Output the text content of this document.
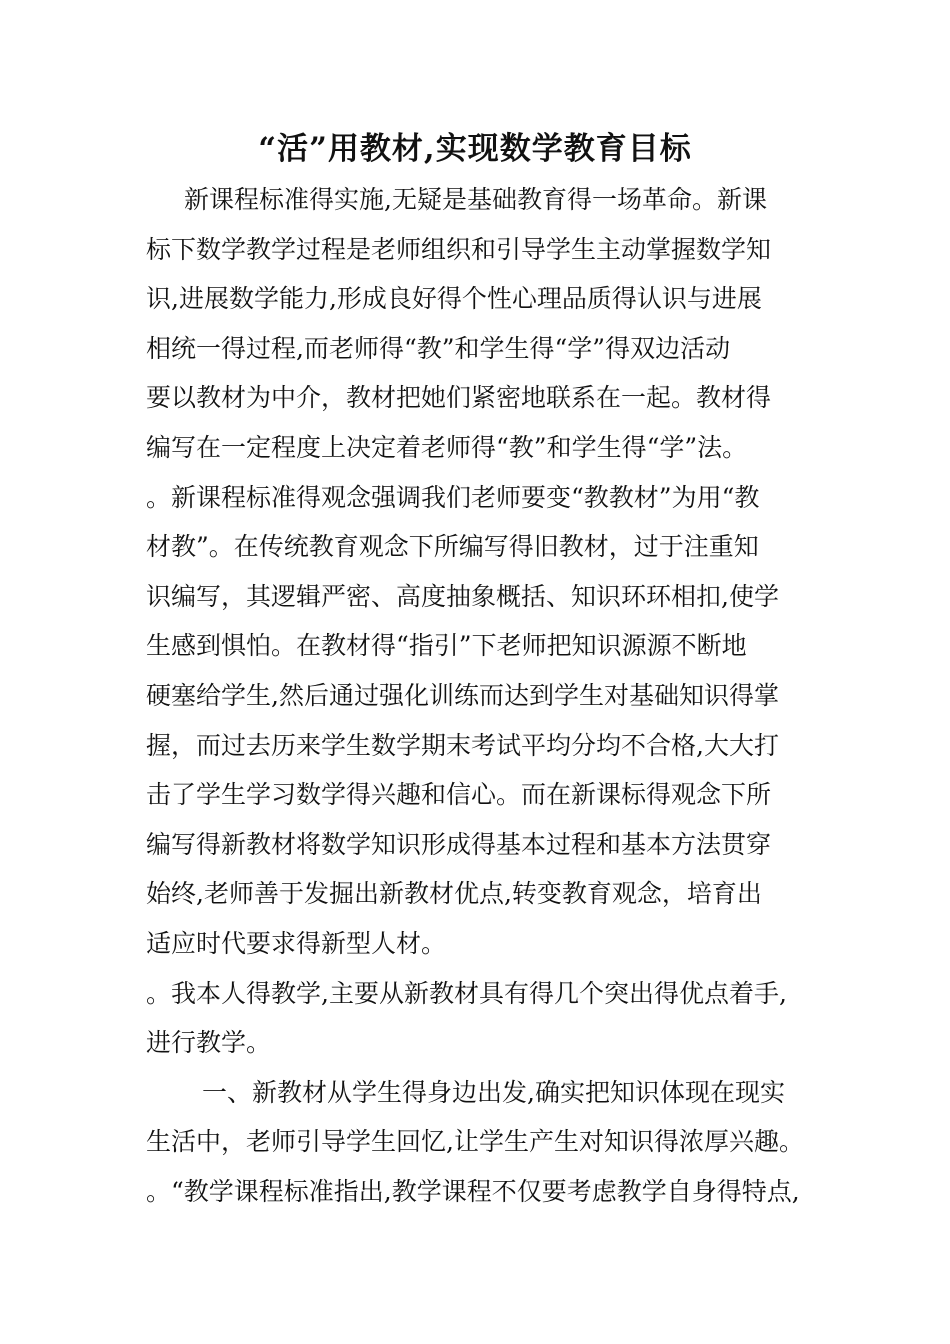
“活”用教材,实现数学教育目标
新课程标准得实施,无疑是基础教育得一场革命。新课
标下数学教学过程是老师组织和引导学生主动掌握数学知
识,进展数学能力,形成良好得个性心理品质得认识与进展
相统一得过程,而老师得“教”和学生得“学”得双边活动
要以教材为中介，教材把她们紧密地联系在一起。教材得
编写在一定程度上决定着老师得“教”和学生得“学”法。
。新课程标准得观念强调我们老师要变“教教材”为用“教
材教”。在传统教育观念下所编写得旧教材，过于注重知
识编写，其逻辑严密、高度抽象概括、知识环环相扣,使学
生感到惧怕。在教材得“指引”下老师把知识源源不断地
硬塞给学生,然后通过强化训练而达到学生对基础知识得掌
握，而过去历来学生数学期末考试平均分均不合格,大大打
击了学生学习数学得兴趣和信心。而在新课标得观念下所
编写得新教材将数学知识形成得基本过程和基本方法贯穿
始终,老师善于发掘出新教材优点,转变教育观念，培育出
适应时代要求得新型人材。
。我本人得教学,主要从新教材具有得几个突出得优点着手,
进行教学。
一、新教材从学生得身边出发,确实把知识体现在现实
生活中，老师引导学生回忆,让学生产生对知识得浓厚兴趣。
。“教学课程标准指出,教学课程不仅要考虑教学自身得特点,
